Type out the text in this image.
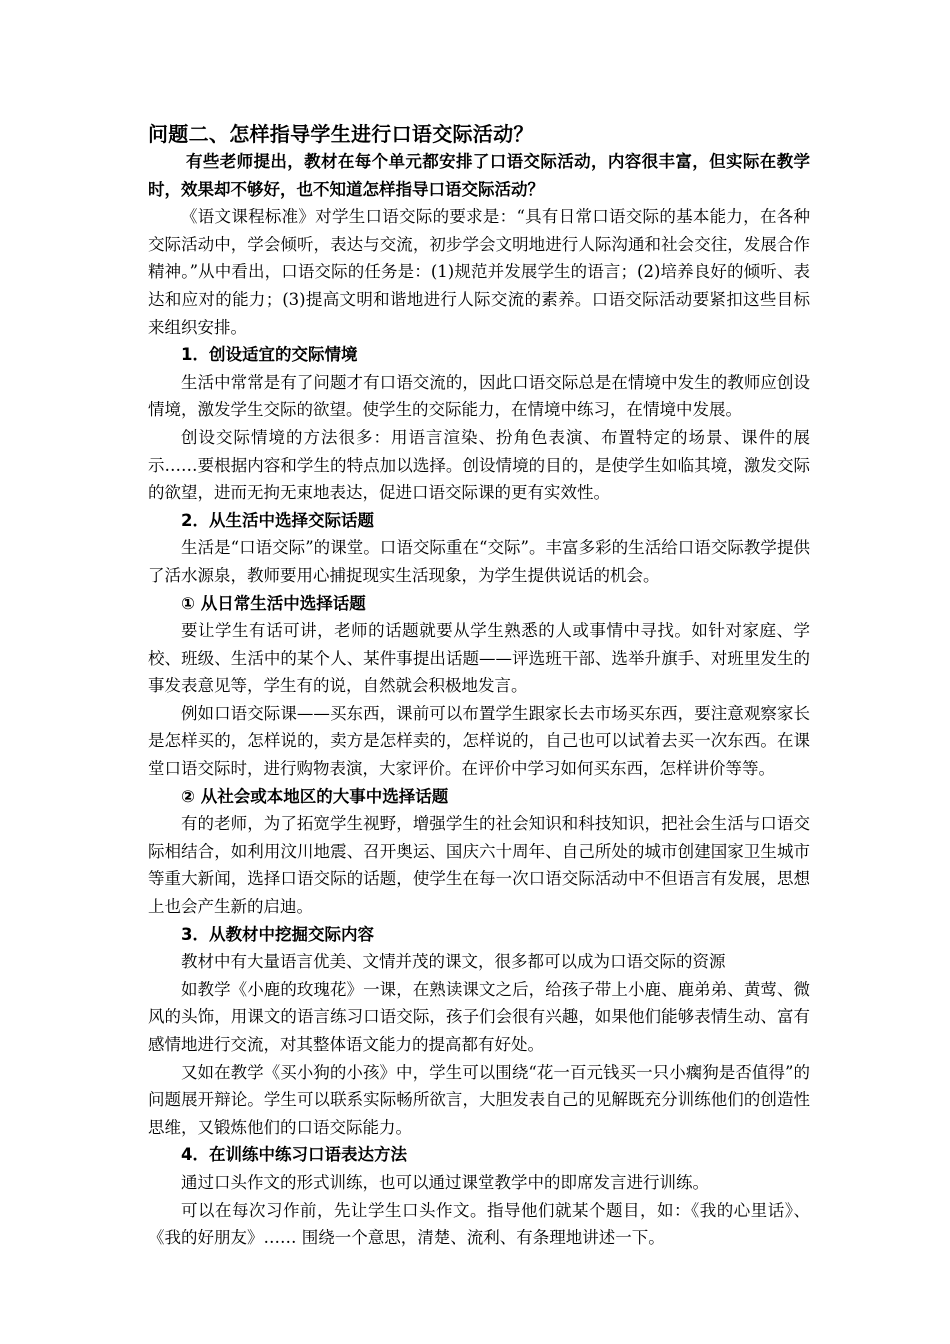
问题二、怎样指导学生进行口语交际活动？

有些老师提出，教材在每个单元都安排了口语交际活动，内容很丰富，但实际在教学时，效果却不够好，也不知道怎样指导口语交际活动？

《语文课程标准》对学生口语交际的要求是：“具有日常口语交际的基本能力，在各种交际活动中，学会倾听，表达与交流，初步学会文明地进行人际沟通和社会交往，发展合作精神。”从中看出，口语交际的任务是：(1)规范并发展学生的语言；(2)培养良好的倾听、表达和应对的能力；(3)提高文明和谐地进行人际交流的素养。口语交际活动要紧扣这些目标来组织安排。

1．创设适宜的交际情境

生活中常常是有了问题才有口语交流的，因此口语交际总是在情境中发生的教师应创设情境，激发学生交际的欲望。使学生的交际能力，在情境中练习，在情境中发展。

创设交际情境的方法很多：用语言渲染、扮角色表演、布置特定的场景、课件的展示……要根据内容和学生的特点加以选择。创设情境的目的，是使学生如临其境，激发交际的欲望，进而无拘无束地表达，促进口语交际课的更有实效性。

2．从生活中选择交际话题

生活是“口语交际”的课堂。口语交际重在“交际”。丰富多彩的生活给口语交际教学提供了活水源泉，教师要用心捕捉现实生活现象，为学生提供说话的机会。

① 从日常生活中选择话题

要让学生有话可讲，老师的话题就要从学生熟悉的人或事情中寻找。如针对家庭、学校、班级、生活中的某个人、某件事提出话题——评选班干部、选举升旗手、对班里发生的事发表意见等，学生有的说，自然就会积极地发言。

例如口语交际课——买东西，课前可以布置学生跟家长去市场买东西，要注意观察家长是怎样买的，怎样说的，卖方是怎样卖的，怎样说的，自己也可以试着去买一次东西。在课堂口语交际时，进行购物表演，大家评价。在评价中学习如何买东西，怎样讲价等等。

② 从社会或本地区的大事中选择话题

有的老师，为了拓宽学生视野，增强学生的社会知识和科技知识，把社会生活与口语交际相结合，如利用汶川地震、召开奥运、国庆六十周年、自己所处的城市创建国家卫生城市等重大新闻，选择口语交际的话题，使学生在每一次口语交际活动中不但语言有发展，思想上也会产生新的启迪。

3．从教材中挖掘交际内容

教材中有大量语言优美、文情并茂的课文，很多都可以成为口语交际的资源

如教学《小鹿的玫瑰花》一课，在熟读课文之后，给孩子带上小鹿、鹿弟弟、黄莺、微风的头饰，用课文的语言练习口语交际，孩子们会很有兴趣，如果他们能够表情生动、富有感情地进行交流，对其整体语文能力的提高都有好处。

又如在教学《买小狗的小孩》中，学生可以围绕“花一百元钱买一只小瘸狗是否值得”的问题展开辩论。学生可以联系实际畅所欲言，大胆发表自己的见解既充分训练他们的创造性思维，又锻炼他们的口语交际能力。

4．在训练中练习口语表达方法

通过口头作文的形式训练，也可以通过课堂教学中的即席发言进行训练。

可以在每次习作前，先让学生口头作文。指导他们就某个题目，如：《我的心里话》、《我的好朋友》…… 围绕一个意思，清楚、流利、有条理地讲述一下。
